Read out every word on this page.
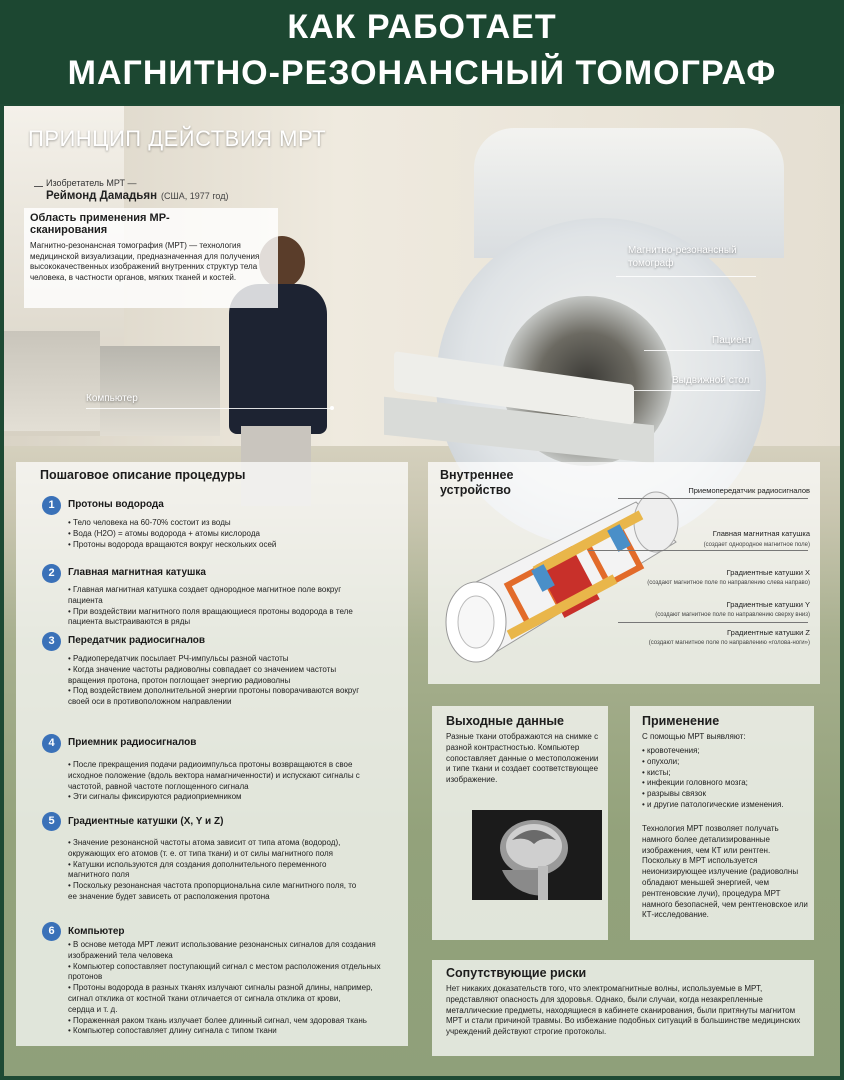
КАК РАБОТАЕТ
МАГНИТНО-РЕЗОНАНСНЫЙ ТОМОГРАФ
ПРИНЦИП ДЕЙСТВИЯ МРТ
Изобретатель МРТ —
Реймонд Дамадьян (США, 1977 год)
Область применения МР-сканирования
Магнитно-резонансная томография (МРТ) — технология медицинской визуализации, предназначенная для получения высококачественных изображений внутренних структур тела человека, в частности органов, мягких тканей и костей.
Магнитно-резонансный томограф
Пациент
Выдвижной стол
Компьютер
Пошаговое описание процедуры
1	Протоны водорода
• Тело человека на 60-70% состоит из воды
• Вода (H2O) = атомы водорода + атомы кислорода
• Протоны водорода вращаются вокруг нескольких осей
2	Главная магнитная катушка
• Главная магнитная катушка создает однородное магнитное поле вокруг
пациента
• При воздействии магнитного поля вращающиеся протоны водорода в теле
пациента выстраиваются в ряды
3	Передатчик радиосигналов
• Радиопередатчик посылает РЧ-импульсы разной частоты
• Когда значение частоты радиоволны совпадает со значением частоты
вращения протона, протон поглощает энергию радиоволны
• Под воздействием дополнительной энергии протоны поворачиваются вокруг
своей оси в противоположном направлении
4	Приемник радиосигналов
• После прекращения подачи радиоимпульса протоны возвращаются в свое
исходное положение (вдоль вектора намагниченности) и испускают сигналы с
частотой, равной частоте поглощенного сигнала
• Эти сигналы фиксируются радиоприемником
5	Градиентные катушки (X, Y и Z)
• Значение резонансной частоты атома зависит от типа атома (водород),
окружающих его атомов (т. е. от типа ткани) и от силы магнитного поля
• Катушки используются для создания дополнительного переменного
магнитного поля
• Поскольку резонансная частота пропорциональна силе магнитного поля, то
ее значение будет зависеть от расположения протона
6	Компьютер
• В основе метода МРТ лежит использование резонансных сигналов для создания
изображений тела человека
• Компьютер сопоставляет поступающий сигнал с местом расположения отдельных
протонов
• Протоны водорода в разных тканях излучают сигналы разной длины, например,
сигнал отклика от костной ткани отличается от сигнала отклика от крови,
сердца и т. д.
• Пораженная раком ткань излучает более длинный сигнал, чем здоровая ткань
• Компьютер сопоставляет длину сигнала с типом ткани
Внутреннее устройство	Приемопередатчик радиосигналов
Главная магнитная катушка
(создает однородное магнитное поле)
Градиентные катушки X
(создают магнитное поле по направлению слева направо)
Градиентные катушки Y
(создают магнитное поле по направлению сверху вниз)
Градиентные катушки Z
(создают магнитное поле по направлению «голова-ноги»)
Выходные данные
Разные ткани отображаются на снимке с разной контрастностью. Компьютер сопоставляет данные о местоположении и типе ткани и создает соответствующее изображение.
Применение
С помощью МРТ выявляют:
• кровотечения;
• опухоли;
• кисты;
• инфекции головного мозга;
• разрывы связок
• и другие патологические изменения.
Технология МРТ позволяет получать намного более детализированные изображения, чем КТ или рентген. Поскольку в МРТ используется неионизирующее излучение (радиоволны обладают меньшей энергией, чем рентгеновские лучи), процедура МРТ намного безопасней, чем рентгеновское или КТ-исследование.
Сопутствующие риски
Нет никаких доказательств того, что электромагнитные волны, используемые в МРТ, представляют опасность для здоровья. Однако, были случаи, когда незакрепленные металлические предметы, находящиеся в кабинете сканирования, были притянуты магнитом МРТ и стали причиной травмы. Во избежание подобных ситуаций в большинстве медицинских учреждений действуют строгие протоколы.
